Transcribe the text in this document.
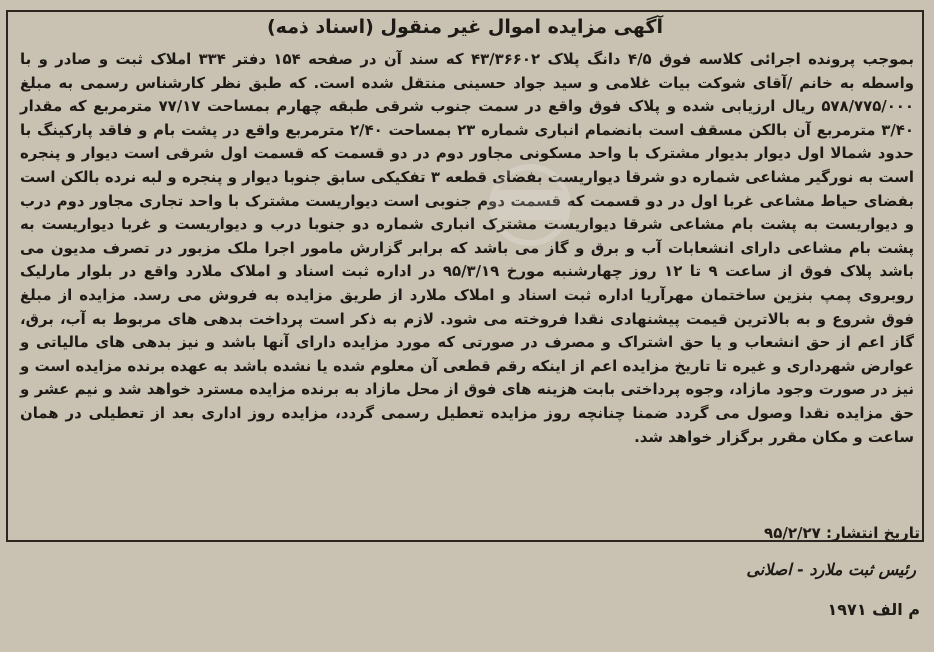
آگهی مزایده اموال غیر منقول (اسناد ذمه)

بموجب پرونده اجرائی کلاسه فوق ۴/۵ دانگ پلاک ۴۳/۳۶۶۰۲ که سند آن در صفحه ۱۵۴ دفتر ۳۳۴ املاک ثبت و صادر و با واسطه به خانم /آقای شوکت بیات غلامی و سید جواد حسینی منتقل شده است. که طبق نظر کارشناس رسمی به مبلغ ۵۷۸/۷۷۵/۰۰۰ ریال ارزیابی شده و پلاک فوق واقع در سمت جنوب شرقی طبقه چهارم بمساحت ۷۷/۱۷ مترمربع که مقدار ۳/۴۰ مترمربع آن بالکن مسقف است بانضمام انباری شماره ۲۳ بمساحت ۲/۴۰ مترمربع واقع در پشت بام و فاقد پارکینگ با حدود شمالا اول دیوار بدیوار مشترک با واحد مسکونی مجاور دوم در دو قسمت که قسمت اول شرقی است دیوار و پنجره است به نورگیر مشاعی شماره دو شرقا دیواریست بفضای قطعه ۳ تفکیکی سابق جنوبا دیوار و پنجره و لبه نرده بالکن است بفضای حیاط مشاعی غربا اول در دو قسمت که قسمت دوم جنوبی است دیواریست مشترک با واحد تجاری مجاور دوم درب و دیواریست به پشت بام مشاعی شرقا دیواریست مشترک انباری شماره دو جنوبا درب و دیواریست و غربا دیواریست به پشت بام مشاعی دارای انشعابات آب و برق و گاز می باشد که برابر گزارش مامور اجرا ملک مزبور در تصرف مدیون می باشد پلاک فوق از ساعت ۹ تا ۱۲ روز چهارشنبه مورخ ۹۵/۳/۱۹ در اداره ثبت اسناد و املاک ملارد واقع در بلوار مارلیک روبروی پمپ بنزین ساختمان مهرآریا اداره ثبت اسناد و املاک ملارد از طریق مزایده به فروش می رسد. مزایده از مبلغ فوق شروع و به بالاترین قیمت پیشنهادی نقدا فروخته می شود. لازم به ذکر است پرداخت بدهی های مربوط به آب، برق، گاز اعم از حق انشعاب و یا حق اشتراک و مصرف در صورتی که مورد مزایده دارای آنها باشد و نیز بدهی های مالیاتی و عوارض شهرداری و غیره تا تاریخ مزایده اعم از اینکه رقم قطعی آن معلوم شده یا نشده باشد به عهده برنده مزایده است و نیز در صورت وجود مازاد، وجوه پرداختی بابت هزینه های فوق از محل مازاد به برنده مزایده مسترد خواهد شد و نیم عشر و حق مزایده نقدا وصول می گردد ضمنا چنانچه روز مزایده تعطیل رسمی گردد، مزایده روز اداری بعد از تعطیلی در همان ساعت و مکان مقرر برگزار خواهد شد.

تاریخ انتشار: ۹۵/۲/۲۷
رئیس ثبت ملارد - اصلانی
م الف ۱۹۷۱
